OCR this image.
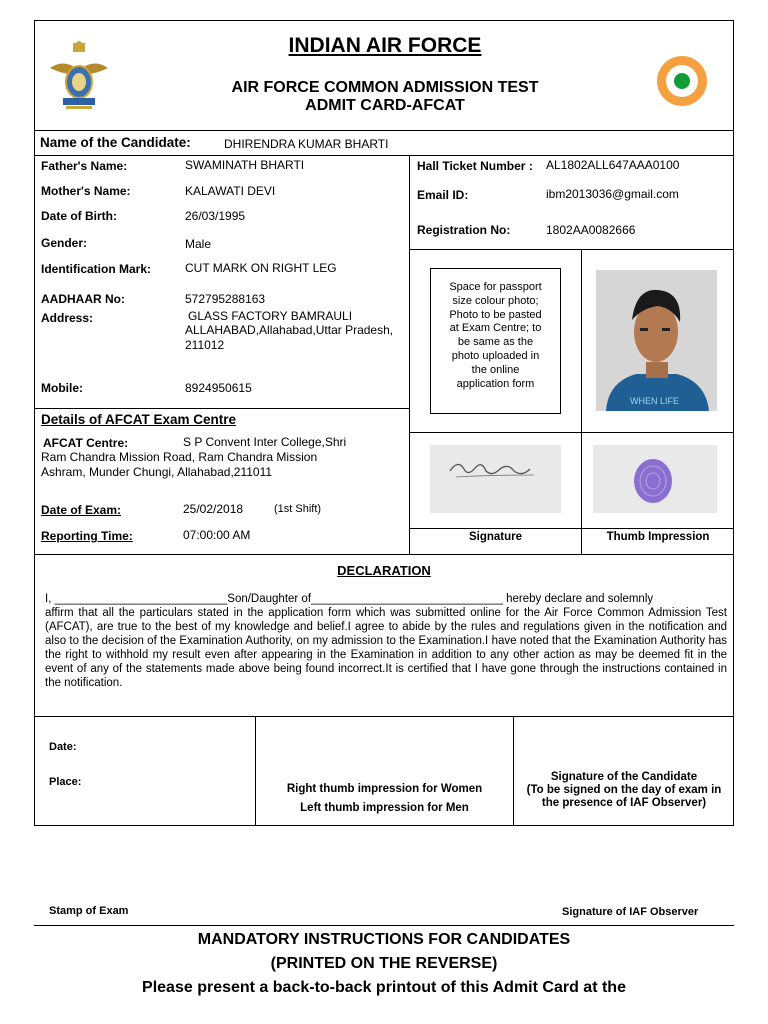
INDIAN AIR FORCE
AIR FORCE COMMON ADMISSION TEST
ADMIT CARD-AFCAT
Name of the Candidate:	DHIRENDRA KUMAR BHARTI
Father's Name:	SWAMINATH BHARTI
Mother's Name:	KALAWATI DEVI
Date of Birth:	26/03/1995
Gender:	Male
Identification Mark:	CUT MARK ON RIGHT LEG
AADHAAR No:	572795288163
Address:	GLASS FACTORY BAMRAULI
ALLAHABAD,Allahabad,Uttar Pradesh,
211012
Mobile:	8924950615
Hall Ticket Number : AL1802ALL647AAA0100
Email ID:	ibm2013036@gmail.com
Registration No:	1802AA0082666
Space for passport
size colour photo;
Photo to be pasted
at Exam Centre; to
be same as the
photo uploaded in
the online
application form
WHEN LIFE
Signature	Thumb Impression
Details of AFCAT Exam Centre
AFCAT Centre:	S P Convent Inter College,Shri
Ram Chandra Mission Road, Ram Chandra Mission
Ashram, Munder Chungi, Allahabad,211011
Date of Exam:	25/02/2018	(1st Shift)
Reporting Time:	07:00:00 AM
DECLARATION
I, ___________________________Son/Daughter of______________________________ hereby declare and solemnly
affirm that all the particulars stated in the application form which was submitted online for the Air Force Common Admission Test (AFCAT), are true to the best of my knowledge and belief.I agree to abide by the rules and regulations given in the notification and also to the decision of the Examination Authority, on my admission to the Examination.I have noted that the Examination Authority has the right to withhold my result even after appearing in the Examination in addition to any other action as may be deemed fit in the event of any of the statements made above being found incorrect.It is certified that I have gone through the instructions contained in the notification.
Date:
Place:
Right thumb impression for Women
Left thumb impression for Men
Signature of the Candidate
(To be signed on the day of exam in
the presence of IAF Observer)
Stamp of Exam	Signature of IAF Observer
MANDATORY INSTRUCTIONS FOR CANDIDATES
(PRINTED ON THE REVERSE)
Please present a back-to-back printout of this Admit Card at the
